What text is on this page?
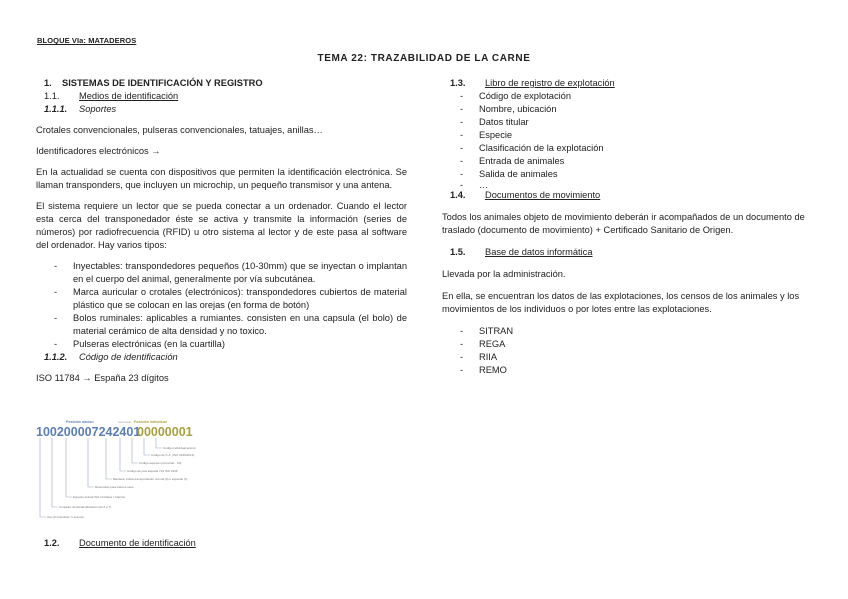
BLOQUE VIa: MATADEROS
TEMA 22: TRAZABILIDAD DE LA CARNE

1. SISTEMAS DE IDENTIFICACIÓN Y REGISTRO

1.1. Medios de identificación

1.1.1. Soportes

Crotales convencionales, pulseras convencionales, tatuajes, anillas…

Identificadores electrónicos →

En la actualidad se cuenta con dispositivos que permiten la identificación electrónica. Se llaman transponders, que incluyen un microchip, un pequeño transmisor y una antena.

El sistema requiere un lector que se pueda conectar a un ordenador. Cuando el lector esta cerca del transponedador éste se activa y transmite la información (series de números) por radiofrecuencia (RFID) u otro sistema al lector y de este pasa al software del ordenador. Hay varios tipos:

- Inyectables: transpondedores pequeños (10-30mm) que se inyectan o implantan en el cuerpo del animal, generalmente por vía subcutánea.
- Marca auricular o crotales (electrónicos): transpondedores cubiertos de material plástico que se colocan en las orejas (en forma de botón)
- Bolos ruminales: aplicables a rumiantes. consisten en una capsula (el bolo) de material cerámico de alta densidad y no toxico.
- Pulseras electrónicas (en la cuartilla)

1.1.2. Código de identificación

ISO 11784 → España 23 dígitos

Posición nacion	reservado Posición individual
100200007242401
00000001
Código individual animal
Código de C.A. (ISO 3166/2012)
Código especie (ovino/cab · 00)
Código de país España 724 ISO 3166
Bandera: indica transpondedor normal (0) o especial (1)
Reservado para futuros usos
Espacio animal ISO 14 Datos / Caprino
Contador de Reidentificación (de 0 a 7)
Uso (0 industrial / 1 animal)
1.2. Documento de identificación

1.3. Libro de registro de explotación

- Código de explotación
- Nombre, ubicación
- Datos titular
- Especie
- Clasificación de la explotación
- Entrada de animales
- Salida de animales
- …

1.4. Documentos de movimiento

Todos los animales objeto de movimiento deberán ir acompañados de un documento de traslado (documento de movimiento) + Certificado Sanitario de Origen.

1.5. Base de datos informática

Llevada por la administración.

En ella, se encuentran los datos de las explotaciones, los censos de los animales y los movimientos de los individuos o por lotes entre las explotaciones.

- SITRAN
- REGA
- RIIA
- REMO
